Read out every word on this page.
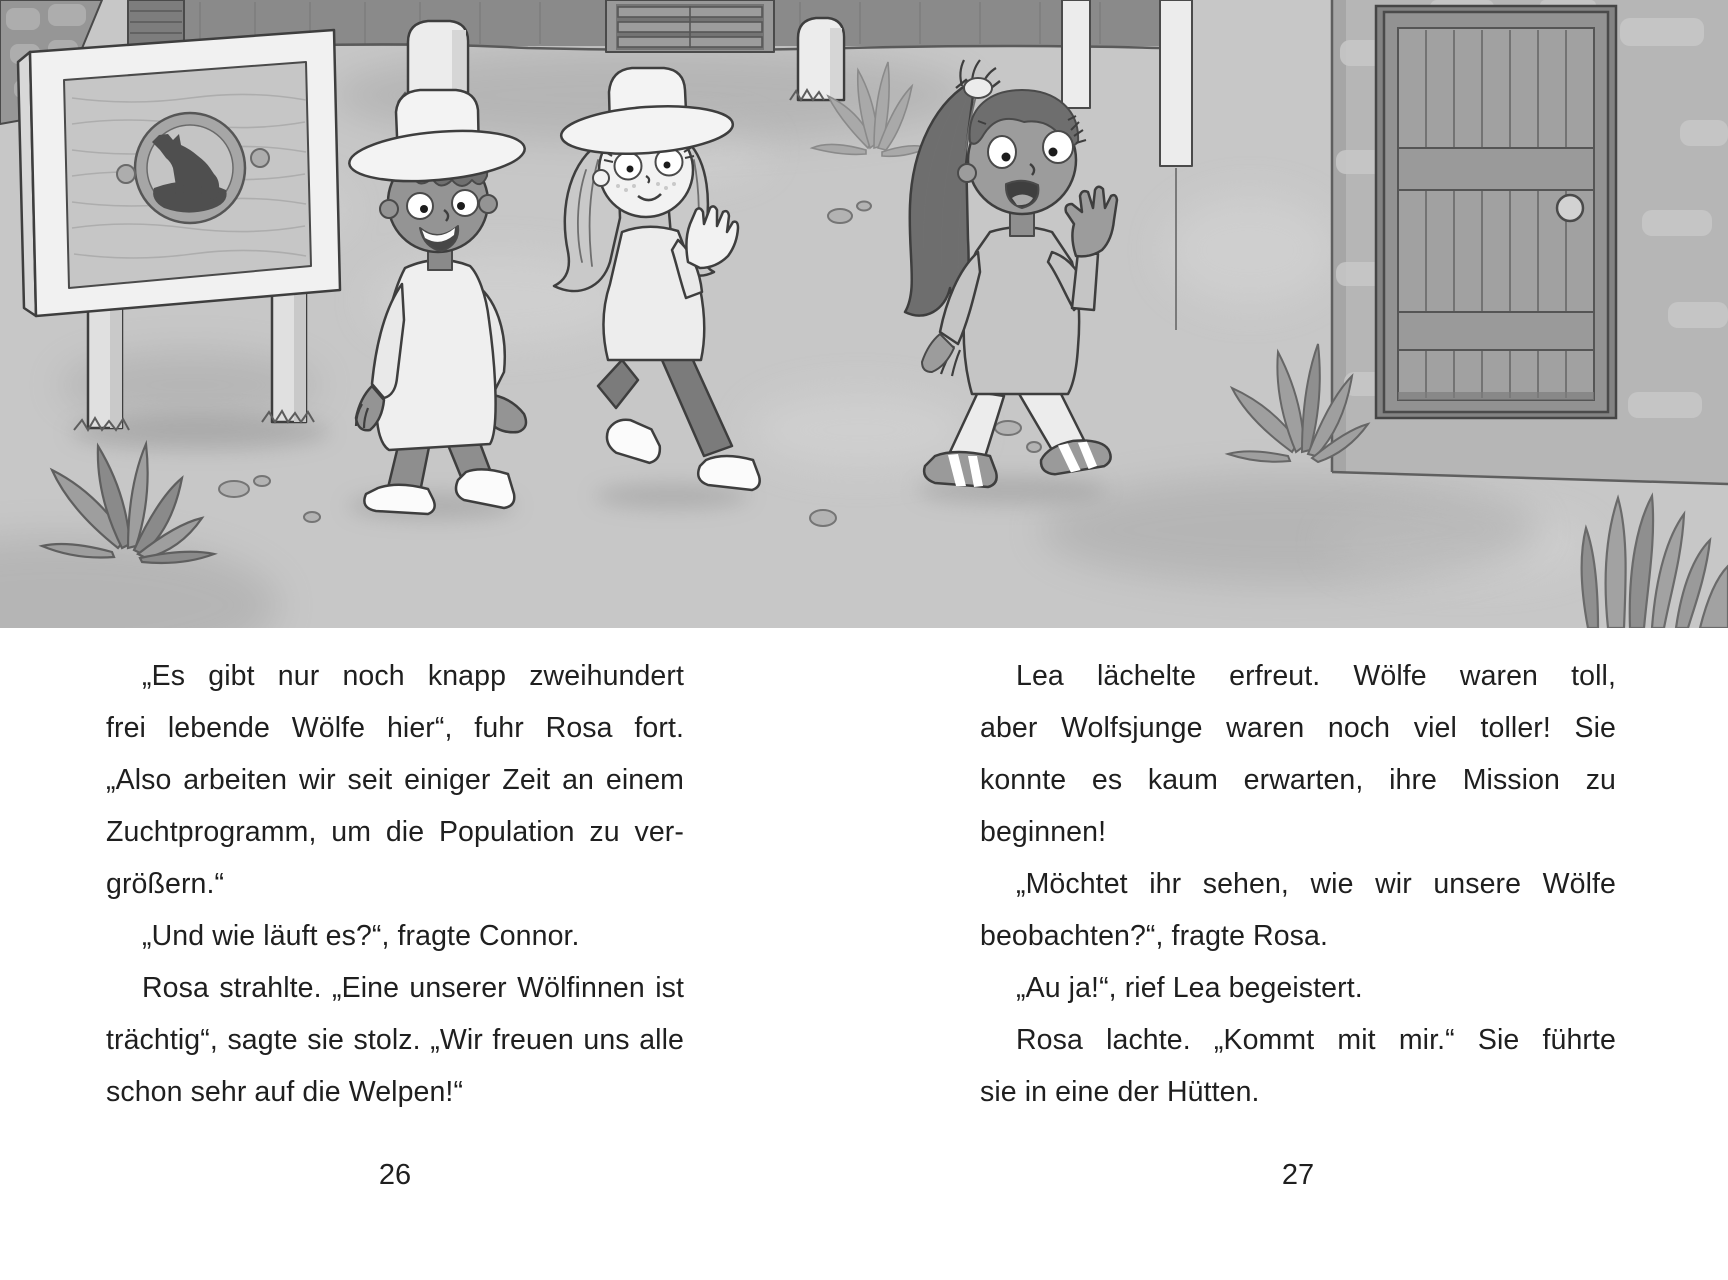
„Es gibt nur noch knapp zweihundert
frei lebende Wölfe hier“, fuhr Rosa fort.
„Also arbeiten wir seit einiger Zeit an einem
Zuchtprogramm, um die Population zu ver-
größern.“
„Und wie läuft es?“, fragte Connor.
Rosa strahlte. „Eine unserer Wölfinnen ist
trächtig“, sagte sie stolz. „Wir freuen uns alle
schon sehr auf die Welpen!“
26
Lea lächelte erfreut. Wölfe waren toll,
aber Wolfsjunge waren noch viel toller! Sie
konnte es kaum erwarten, ihre Mission zu
beginnen!
„Möchtet ihr sehen, wie wir unsere Wölfe
beobachten?“, fragte Rosa.
„Au ja!“, rief Lea begeistert.
Rosa lachte. „Kommt mit mir.“ Sie führte
sie in eine der Hütten.
27
